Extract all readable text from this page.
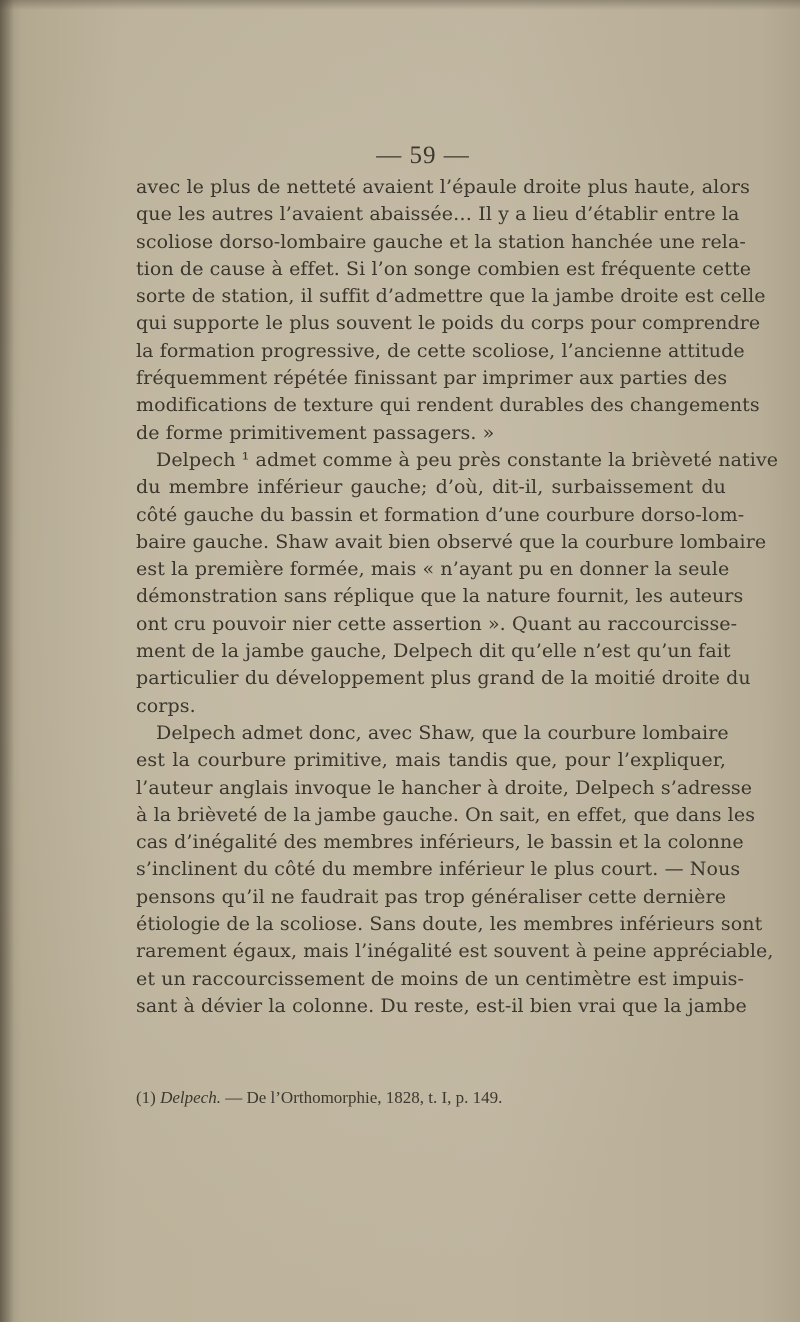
— 59 —
avec le plus de netteté avaient l’épaule droite plus haute, alors
que les autres l’avaient abaissée… Il y a lieu d’établir entre la
scoliose dorso-lombaire gauche et la station hanchée une rela-
tion de cause à effet. Si l’on songe combien est fréquente cette
sorte de station, il suffit d’admettre que la jambe droite est celle
qui supporte le plus souvent le poids du corps pour comprendre
la formation progressive, de cette scoliose, l’ancienne attitude
fréquemment répétée finissant par imprimer aux parties des
modifications de texture qui rendent durables des changements
de forme primitivement passagers. »
Delpech ¹ admet comme à peu près constante la brièveté native
du membre inférieur gauche; d’où, dit-il, surbaissement du
côté gauche du bassin et formation d’une courbure dorso-lom-
baire gauche. Shaw avait bien observé que la courbure lombaire
est la première formée, mais « n’ayant pu en donner la seule
démonstration sans réplique que la nature fournit, les auteurs
ont cru pouvoir nier cette assertion ». Quant au raccourcisse-
ment de la jambe gauche, Delpech dit qu’elle n’est qu’un fait
particulier du développement plus grand de la moitié droite du
corps.
Delpech admet donc, avec Shaw, que la courbure lombaire
est la courbure primitive, mais tandis que, pour l’expliquer,
l’auteur anglais invoque le hancher à droite, Delpech s’adresse
à la brièveté de la jambe gauche. On sait, en effet, que dans les
cas d’inégalité des membres inférieurs, le bassin et la colonne
s’inclinent du côté du membre inférieur le plus court. — Nous
pensons qu’il ne faudrait pas trop généraliser cette dernière
étiologie de la scoliose. Sans doute, les membres inférieurs sont
rarement égaux, mais l’inégalité est souvent à peine appréciable,
et un raccourcissement de moins de un centimètre est impuis-
sant à dévier la colonne. Du reste, est-il bien vrai que la jambe
(1) Delpech. — De l’Orthomorphie, 1828, t. I, p. 149.
